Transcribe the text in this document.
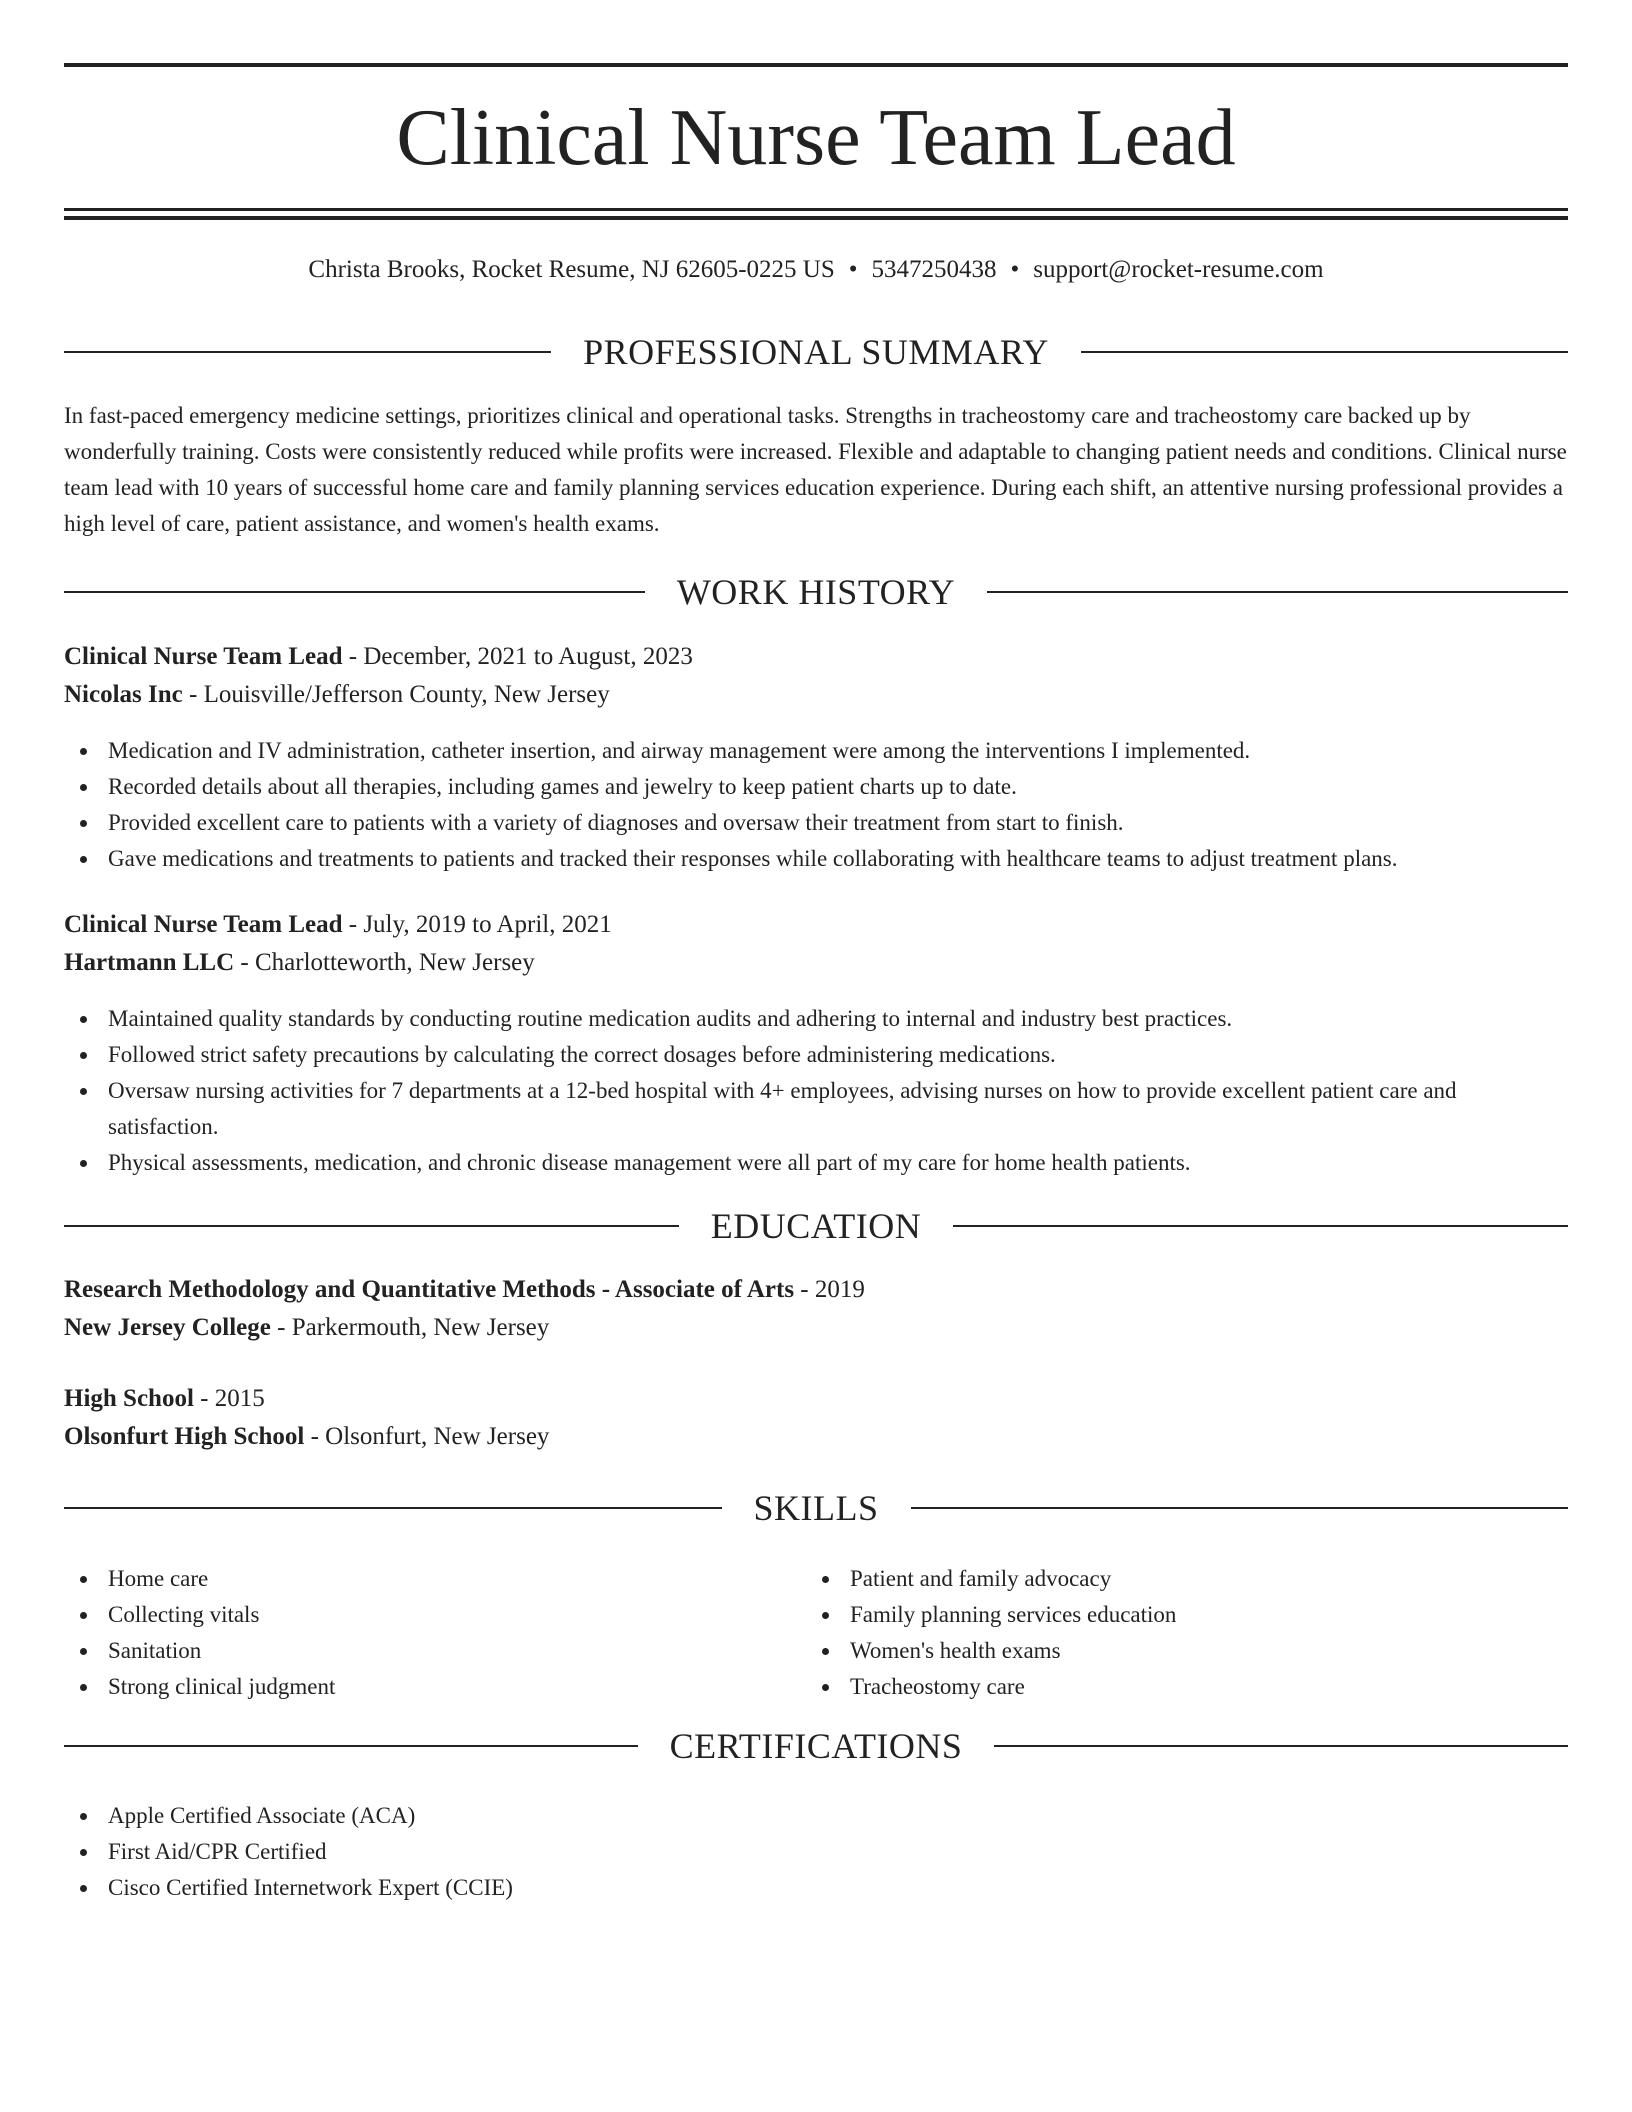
Clinical Nurse Team Lead
Christa Brooks, Rocket Resume, NJ 62605-0225 US • 5347250438 • support@rocket-resume.com
PROFESSIONAL SUMMARY

In fast-paced emergency medicine settings, prioritizes clinical and operational tasks. Strengths in tracheostomy care and tracheostomy care backed up by wonderfully training. Costs were consistently reduced while profits were increased. Flexible and adaptable to changing patient needs and conditions. Clinical nurse team lead with 10 years of successful home care and family planning services education experience. During each shift, an attentive nursing professional provides a high level of care, patient assistance, and women's health exams.

WORK HISTORY
Clinical Nurse Team Lead - December, 2021 to August, 2023
Nicolas Inc - Louisville/Jefferson County, New Jersey
Medication and IV administration, catheter insertion, and airway management were among the interventions I implemented.
Recorded details about all therapies, including games and jewelry to keep patient charts up to date.
Provided excellent care to patients with a variety of diagnoses and oversaw their treatment from start to finish.
Gave medications and treatments to patients and tracked their responses while collaborating with healthcare teams to adjust treatment plans.
Clinical Nurse Team Lead - July, 2019 to April, 2021
Hartmann LLC - Charlotteworth, New Jersey
Maintained quality standards by conducting routine medication audits and adhering to internal and industry best practices.
Followed strict safety precautions by calculating the correct dosages before administering medications.
Oversaw nursing activities for 7 departments at a 12-bed hospital with 4+ employees, advising nurses on how to provide excellent patient care and satisfaction.
Physical assessments, medication, and chronic disease management were all part of my care for home health patients.
EDUCATION
Research Methodology and Quantitative Methods - Associate of Arts - 2019
New Jersey College - Parkermouth, New Jersey
High School - 2015
Olsonfurt High School - Olsonfurt, New Jersey
SKILLS
Home care
Collecting vitals
Sanitation
Strong clinical judgment
Patient and family advocacy
Family planning services education
Women's health exams
Tracheostomy care
CERTIFICATIONS
Apple Certified Associate (ACA)
First Aid/CPR Certified
Cisco Certified Internetwork Expert (CCIE)
